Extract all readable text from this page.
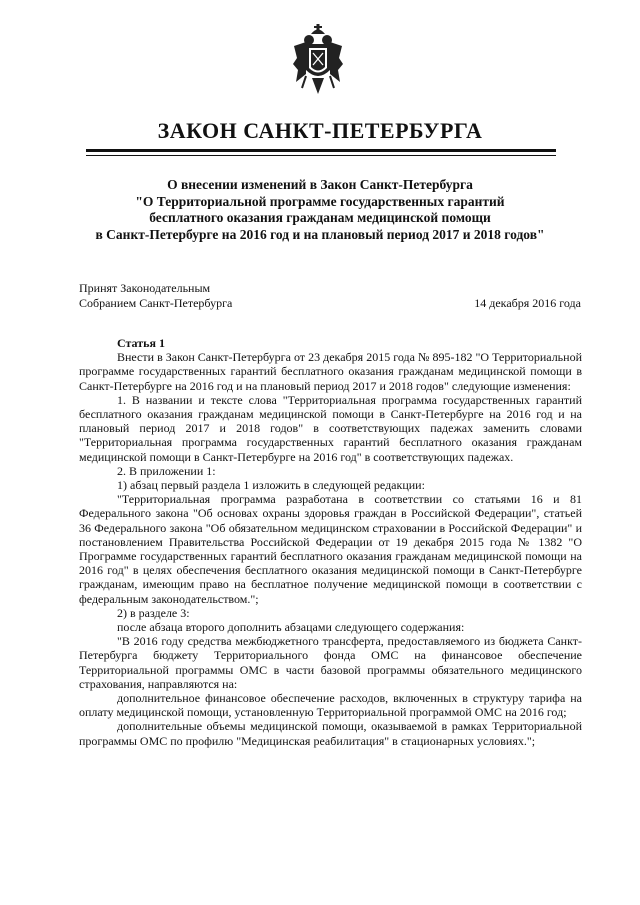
ЗАКОН САНКТ-ПЕТЕРБУРГА
О внесении изменений в Закон Санкт-Петербурга
"О Территориальной программе государственных гарантий
бесплатного оказания гражданам медицинской помощи
в Санкт-Петербурге на 2016 год и на плановый период 2017 и 2018 годов"
Принят Законодательным
Собранием Санкт-Петербурга	14 декабря 2016 года

Статья 1

Внести в Закон Санкт-Петербурга от 23 декабря 2015 года № 895-182 "О Территориальной программе государственных гарантий бесплатного оказания гражданам медицинской помощи в Санкт-Петербурге на 2016 год и на плановый период 2017 и 2018 годов" следующие изменения:

1. В названии и тексте слова "Территориальная программа государственных гарантий бесплатного оказания гражданам медицинской помощи в Санкт-Петербурге на 2016 год и на плановый период 2017 и 2018 годов" в соответствующих падежах заменить словами "Территориальная программа государственных гарантий бесплатного оказания гражданам медицинской помощи в Санкт-Петербурге на 2016 год" в соответствующих падежах.

2. В приложении 1:

1) абзац первый раздела 1 изложить в следующей редакции:

"Территориальная программа разработана в соответствии со статьями 16 и 81 Федерального закона "Об основах охраны здоровья граждан в Российской Федерации", статьей 36 Федерального закона "Об обязательном медицинском страховании в Российской Федерации" и постановлением Правительства Российской Федерации от 19 декабря 2015 года № 1382 "О Программе государственных гарантий бесплатного оказания гражданам медицинской помощи на 2016 год" в целях обеспечения бесплатного оказания медицинской помощи в Санкт-Петербурге гражданам, имеющим право на бесплатное получение медицинской помощи в соответствии с федеральным законодательством.";

2) в разделе 3:

после абзаца второго дополнить абзацами следующего содержания:

"В 2016 году средства межбюджетного трансферта, предоставляемого из бюджета Санкт-Петербурга бюджету Территориального фонда ОМС на финансовое обеспечение Территориальной программы ОМС в части базовой программы обязательного медицинского страхования, направляются на:

дополнительное финансовое обеспечение расходов, включенных в структуру тарифа на оплату медицинской помощи, установленную Территориальной программой ОМС на 2016 год;

дополнительные объемы медицинской помощи, оказываемой в рамках Территориальной программы ОМС по профилю "Медицинская реабилитация" в стационарных условиях.";
